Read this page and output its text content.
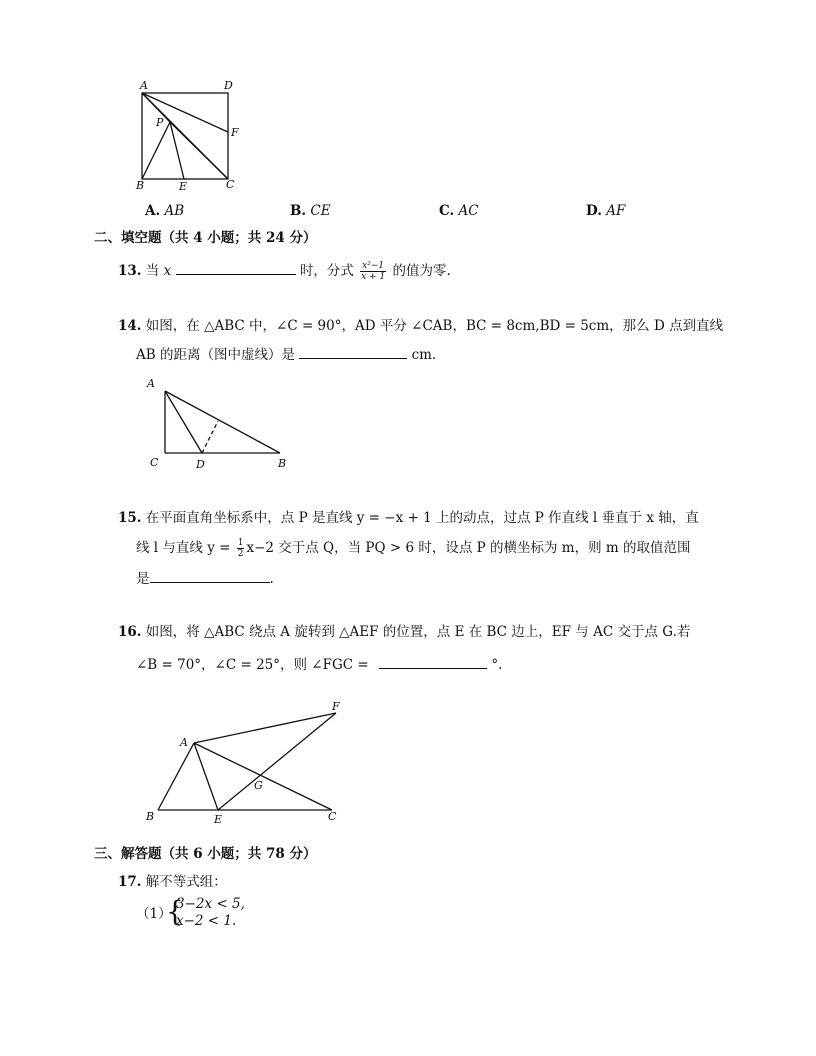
A	D
P
F
B	E	C
A. AB	B. CE	C. AC	D. AF
二、填空题（共 4 小题；共 24 分）
13. 当 x	时，分式 $\frac{\text{x²−1}}{x + 1}$ 的值为零.
14. 如图，在 △ABC 中，∠C = 90°，AD 平分 ∠CAB，BC = 8cm,BD = 5cm，那么 D 点到直线
AB 的距离（图中虚线）是	cm.
A
C	D	B
15. 在平面直角坐标系中，点 P 是直线 y = −x + 1 上的动点，过点 P 作直线 l 垂直于 x 轴，直
线 l 与直线 $y = \frac{1}{2} x-2$ 交于点 Q，当 PQ > 6 时，设点 P 的横坐标为 m，则 m 的取值范围
是	.
16. 如图，将 △ABC 绕点 A 旋转到 △AEF 的位置，点 E 在 BC 边上，EF 与 AC 交于点 G.若
∠B = 70°，∠C = 25°，则 ∠FGC =	°.
F
A
G
B	E	C
三、解答题（共 6 小题；共 78 分）
17. 解不等式组：
（1）
{
3−2x < 5,
x−2 < 1.
